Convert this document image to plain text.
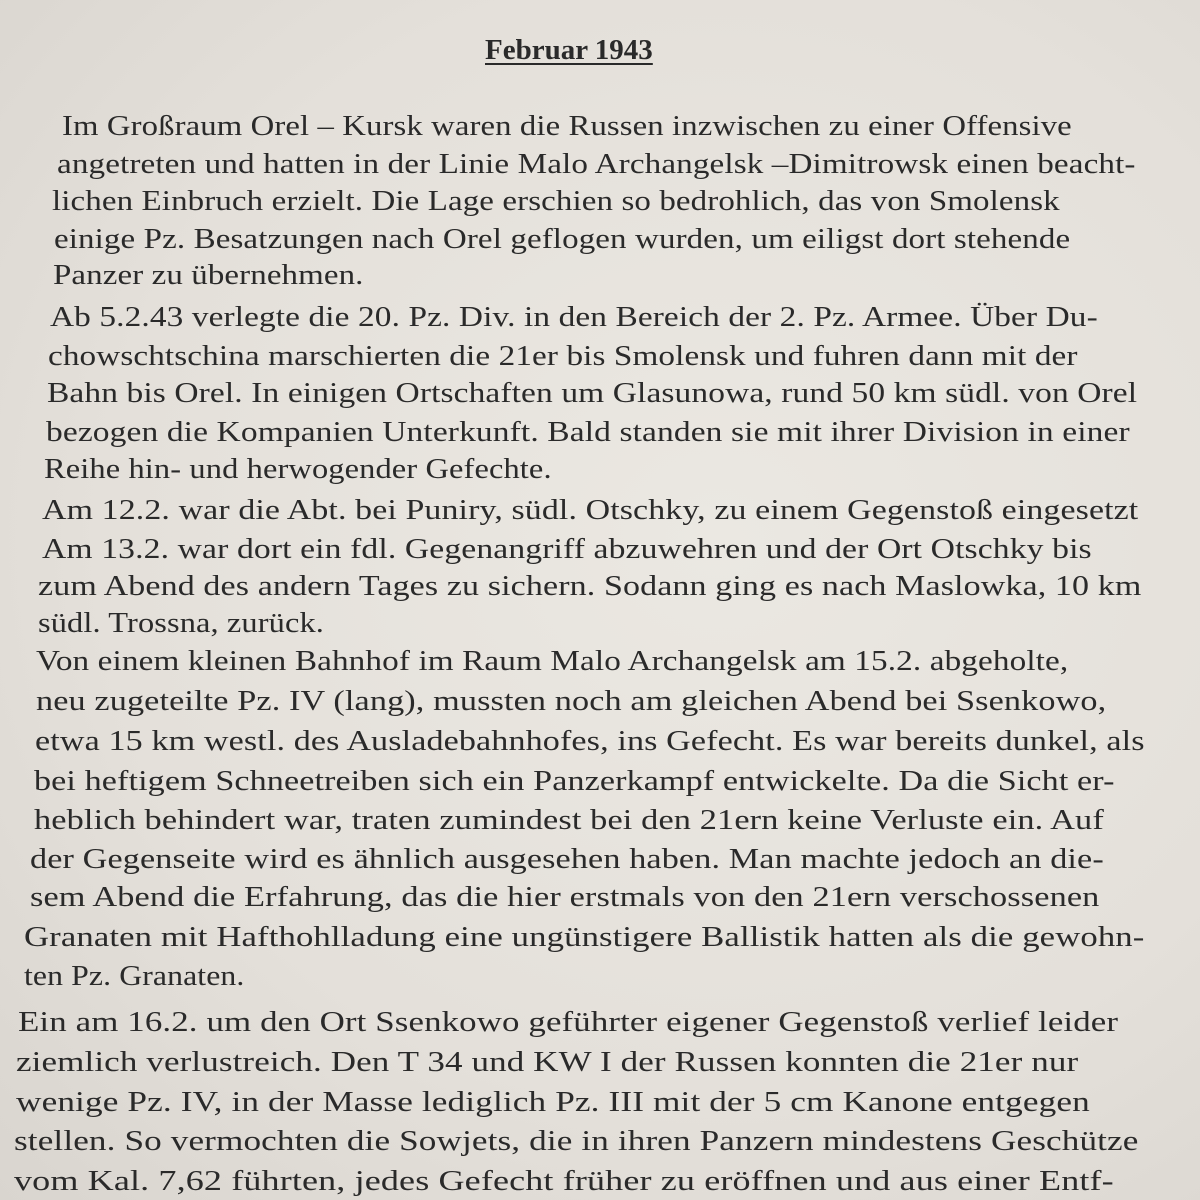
Februar 1943
Im Großraum Orel – Kursk waren die Russen inzwischen zu einer Offensive
angetreten und hatten in der Linie Malo Archangelsk –Dimitrowsk einen beacht-
lichen Einbruch erzielt. Die Lage erschien so bedrohlich, das von Smolensk
einige Pz. Besatzungen nach Orel geflogen wurden, um eiligst dort stehende
Panzer zu übernehmen.
Ab 5.2.43 verlegte die 20. Pz. Div. in den Bereich der 2. Pz. Armee. Über Du-
chowschtschina marschierten die 21er bis Smolensk und fuhren dann mit der
Bahn bis Orel. In einigen Ortschaften um Glasunowa, rund 50 km südl. von Orel
bezogen die Kompanien Unterkunft. Bald standen sie mit ihrer Division in einer
Reihe hin- und herwogender Gefechte.
Am 12.2. war die Abt. bei Puniry, südl. Otschky, zu einem Gegenstoß eingesetzt
Am 13.2. war dort ein fdl. Gegenangriff abzuwehren und der Ort Otschky bis
zum Abend des andern Tages zu sichern. Sodann ging es nach Maslowka, 10 km
südl. Trossna, zurück.
Von einem kleinen Bahnhof im Raum Malo Archangelsk am 15.2. abgeholte,
neu zugeteilte Pz. IV (lang), mussten noch am gleichen Abend bei Ssenkowo,
etwa 15 km westl. des Ausladebahnhofes, ins Gefecht. Es war bereits dunkel, als
bei heftigem Schneetreiben sich ein Panzerkampf entwickelte. Da die Sicht er-
heblich behindert war, traten zumindest bei den 21ern keine Verluste ein. Auf
der Gegenseite wird es ähnlich ausgesehen haben. Man machte jedoch an die-
sem Abend die Erfahrung, das die hier erstmals von den 21ern verschossenen
Granaten mit Hafthohlladung eine ungünstigere Ballistik hatten als die gewohn-
ten Pz. Granaten.
Ein am 16.2. um den Ort Ssenkowo geführter eigener Gegenstoß verlief leider
ziemlich verlustreich. Den T 34 und KW I der Russen konnten die 21er nur
wenige Pz. IV, in der Masse lediglich Pz. III mit der 5 cm Kanone entgegen
stellen. So vermochten die Sowjets, die in ihren Panzern mindestens Geschütze
vom Kal. 7,62 führten, jedes Gefecht früher zu eröffnen und aus einer Entf-
